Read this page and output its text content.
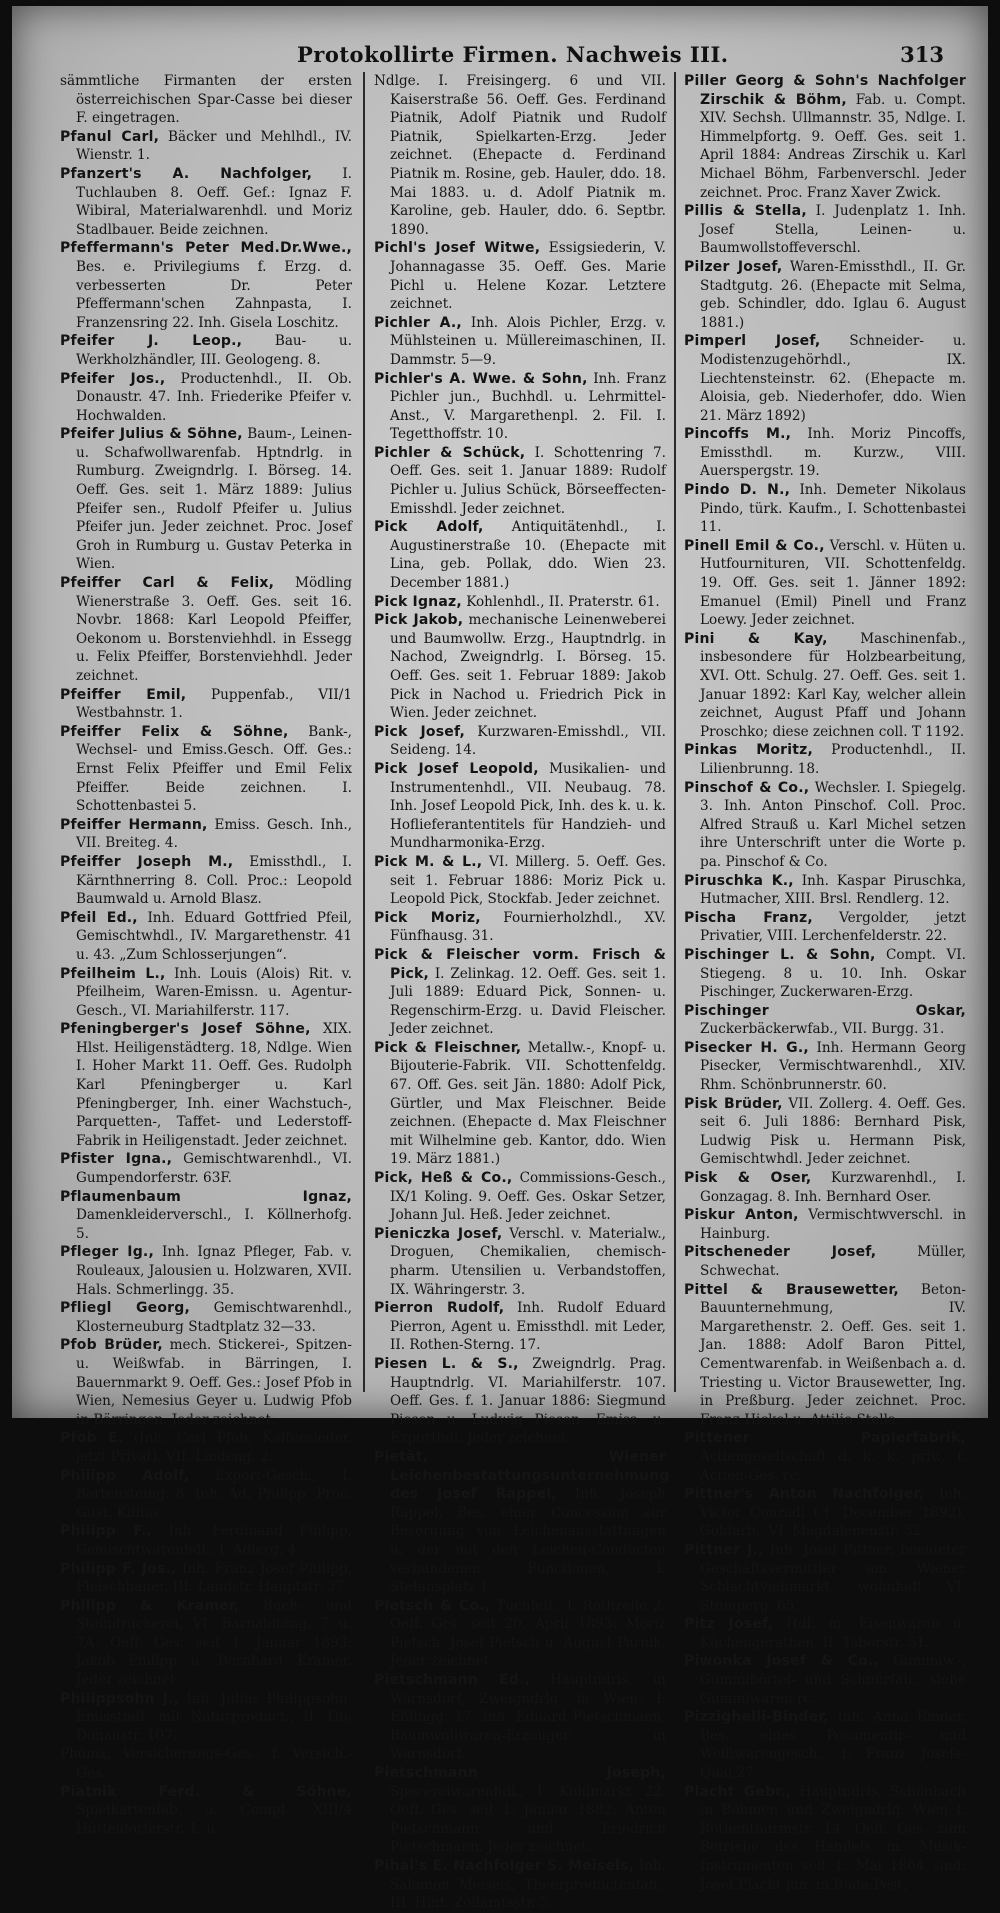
Protokollirte Firmen. Nachweis III.	313

sämmtliche Firmanten der ersten österreichischen Spar-Casse bei dieser F. eingetragen.

Pfanul Carl, Bäcker und Mehlhdl., IV. Wienstr. 1.

Pfanzert's A. Nachfolger, I. Tuchlauben 8. Oeff. Gef.: Ignaz F. Wibiral, Materialwarenhdl. und Moriz Stadlbauer. Beide zeichnen.

Pfeffermann's Peter Med.Dr.Wwe., Bes. e. Privilegiums f. Erzg. d. verbesserten Dr. Peter Pfeffermann'schen Zahnpasta, I. Franzensring 22. Inh. Gisela Loschitz.

Pfeifer J. Leop., Bau- u. Werkholzhändler, III. Geologeng. 8.

Pfeifer Jos., Productenhdl., II. Ob. Donaustr. 47. Inh. Friederike Pfeifer v. Hochwalden.

Pfeifer Julius & Söhne, Baum-, Leinen- u. Schafwollwarenfab. Hptndrlg. in Rumburg. Zweigndrlg. I. Börseg. 14. Oeff. Ges. seit 1. März 1889: Julius Pfeifer sen., Rudolf Pfeifer u. Julius Pfeifer jun. Jeder zeichnet. Proc. Josef Groh in Rumburg u. Gustav Peterka in Wien.

Pfeiffer Carl & Felix, Mödling Wienerstraße 3. Oeff. Ges. seit 16. Novbr. 1868: Karl Leopold Pfeiffer, Oekonom u. Borstenviehhdl. in Essegg u. Felix Pfeiffer, Borstenviehhdl. Jeder zeichnet.

Pfeiffer Emil, Puppenfab., VII/1 Westbahnstr. 1.

Pfeiffer Felix & Söhne, Bank-, Wechsel- und Emiss.Gesch. Off. Ges.: Ernst Felix Pfeiffer und Emil Felix Pfeiffer. Beide zeichnen. I. Schottenbastei 5.

Pfeiffer Hermann, Emiss. Gesch. Inh., VII. Breiteg. 4.

Pfeiffer Joseph M., Emissthdl., I. Kärnthnerring 8. Coll. Proc.: Leopold Baumwald u. Arnold Blasz.

Pfeil Ed., Inh. Eduard Gottfried Pfeil, Gemischtwhdl., IV. Margarethenstr. 41 u. 43. „Zum Schlosserjungen“.

Pfeilheim L., Inh. Louis (Alois) Rit. v. Pfeilheim, Waren-Emissn. u. Agentur-Gesch., VI. Mariahilferstr. 117.

Pfeningberger's Josef Söhne, XIX. Hlst. Heiligenstädterg. 18, Ndlge. Wien I. Hoher Markt 11. Oeff. Ges. Rudolph Karl Pfeningberger u. Karl Pfeningberger, Inh. einer Wachstuch-, Parquetten-, Taffet- und Lederstoff-Fabrik in Heiligenstadt. Jeder zeichnet.

Pfister Igna., Gemischtwarenhdl., VI. Gumpendorferstr. 63F.

Pflaumenbaum Ignaz, Damenkleiderverschl., I. Köllnerhofg. 5.

Pfleger Ig., Inh. Ignaz Pfleger, Fab. v. Rouleaux, Jalousien u. Holzwaren, XVII. Hals. Schmerlingg. 35.

Pfliegl Georg, Gemischtwarenhdl., Klosterneuburg Stadtplatz 32—33.

Pfob Brüder, mech. Stickerei-, Spitzen- u. Weißwfab. in Bärringen, I. Bauernmarkt 9. Oeff. Ges.: Josef Pfob in Wien, Nemesius Geyer u. Ludwig Pfob in Bärringen. Jeder zeichnet.

Pfob E. (Inh. Carl Pfob, Kaffeesieder. jetzt Privat), VII. Lindeng. 2.

Philipp Adolf, Export-Gesch., I. Bartensteing. 8. Inh. Ad. Philipp. Proc. Gust. Killius.

Philipp F., Inh. Ferdinand Philipp, Gemischtwarenhdl., I. Adlerg. 4.

Philipp F. Jos., Inh. Franz Josef Philipp, Fleischhauer, III. Landstr. Hauptstr. 37.

Philipp & Kramer, Buch- und Steindruckerei, VI. Barnabiteng. 7 u. 7A. Oeff. Ges. seit 1. Januar 1893: Jakob Philipp u. Bernhard Kramer. Jeder zeichnet.

Philippsohn J., Inh. Julius Philippsohn, Emissthdl. mit Naturproduct., II. Ob. Donaustr. 107.

Phönix, Versicherungs-Ges., f. Versich.-Ges.

Piatnik Ferd. & Söhne, Spielkartenfab. u. Compt. XIII/4 Hütteldorferstr. 1. u.

Ndlge. I. Freisingerg. 6 und VII. Kaiserstraße 56. Oeff. Ges. Ferdinand Piatnik, Adolf Piatnik und Rudolf Piatnik, Spielkarten-Erzg. Jeder zeichnet. (Ehepacte d. Ferdinand Piatnik m. Rosine, geb. Hauler, ddo. 18. Mai 1883. u. d. Adolf Piatnik m. Karoline, geb. Hauler, ddo. 6. Septbr. 1890.

Pichl's Josef Witwe, Essigsiederin, V. Johannagasse 35. Oeff. Ges. Marie Pichl u. Helene Kozar. Letztere zeichnet.

Pichler A., Inh. Alois Pichler, Erzg. v. Mühlsteinen u. Müllereimaschinen, II. Dammstr. 5—9.

Pichler's A. Wwe. & Sohn, Inh. Franz Pichler jun., Buchhdl. u. Lehrmittel-Anst., V. Margarethenpl. 2. Fil. I. Tegetthoffstr. 10.

Pichler & Schück, I. Schottenring 7. Oeff. Ges. seit 1. Januar 1889: Rudolf Pichler u. Julius Schück, Börseeffecten-Emisshdl. Jeder zeichnet.

Pick Adolf, Antiquitätenhdl., I. Augustinerstraße 10. (Ehepacte mit Lina, geb. Pollak, ddo. Wien 23. December 1881.)

Pick Ignaz, Kohlenhdl., II. Praterstr. 61.

Pick Jakob, mechanische Leinenweberei und Baumwollw. Erzg., Hauptndrlg. in Nachod, Zweigndrlg. I. Börseg. 15. Oeff. Ges. seit 1. Februar 1889: Jakob Pick in Nachod u. Friedrich Pick in Wien. Jeder zeichnet.

Pick Josef, Kurzwaren-Emisshdl., VII. Seideng. 14.

Pick Josef Leopold, Musikalien- und Instrumentenhdl., VII. Neubaug. 78. Inh. Josef Leopold Pick, Inh. des k. u. k. Hoflieferantentitels für Handzieh- und Mundharmonika-Erzg.

Pick M. & L., VI. Millerg. 5. Oeff. Ges. seit 1. Februar 1886: Moriz Pick u. Leopold Pick, Stockfab. Jeder zeichnet.

Pick Moriz, Fournierholzhdl., XV. Fünfhausg. 31.

Pick & Fleischer vorm. Frisch & Pick, I. Zelinkag. 12. Oeff. Ges. seit 1. Juli 1889: Eduard Pick, Sonnen- u. Regenschirm-Erzg. u. David Fleischer. Jeder zeichnet.

Pick & Fleischner, Metallw.-, Knopf- u. Bijouterie-Fabrik. VII. Schottenfeldg. 67. Off. Ges. seit Jän. 1880: Adolf Pick, Gürtler, und Max Fleischner. Beide zeichnen. (Ehepacte d. Max Fleischner mit Wilhelmine geb. Kantor, ddo. Wien 19. März 1881.)

Pick, Heß & Co., Commissions-Gesch., IX/1 Koling. 9. Oeff. Ges. Oskar Setzer, Johann Jul. Heß. Jeder zeichnet.

Pieniczka Josef, Verschl. v. Materialw., Droguen, Chemikalien, chemisch-pharm. Utensilien u. Verbandstoffen, IX. Währingerstr. 3.

Pierron Rudolf, Inh. Rudolf Eduard Pierron, Agent u. Emissthdl. mit Leder, II. Rothen-Sterng. 17.

Piesen L. & S., Zweigndrlg. Prag. Hauptndrlg. VI. Mariahilferstr. 107. Oeff. Ges. f. 1. Januar 1886: Siegmund Piesen u. Ludwig Piesen, Emiss. u. Exporthdl. Jeder zeichnet.

Pietät, Wiener Leichenbestattungsunternehmung des Josef Rappel, Inh. Joseph Rappel, Bes. einer Concession zur Besorgung von Leichenausstattungen u. der mit den Leichen-Conducten verbundenen Functionen, I. Stefansplatz 1.

Pietsch & Co., Tuchhdl., I. Rothzeile 2. Oeff. Ges. seit 20. April 1893: Moriz Pietsch, Josef Pietsch u. August Parnik. Jeder zeichnet.

Pietschmann Ed., Hauptndrls. in Warnsdorf, Zweigndrlg. in Wien, I. Eßlingg. 17. Inh. Eduard Pietschmann, Baumwollwaren-Erzeuger in Warnsdorf.

Pietschmann Joseph, Specereiwarenhdl., I. Kohlmarkt 22. Oeff. Ges. seit 1. Januar 1882: Anton Pietschmann und Friedrich Pietschmann. Jeder zeichnet.

Pihal's E. Nachfolger S. Meisels, Inh. Salomon Meisels, Theerproductenfab., III. Hint. Zollamtsstr. 5.

Piller Georg & Sohn's Nachfolger Zirschik & Böhm, Fab. u. Compt. XIV. Sechsh. Ullmannstr. 35, Ndlge. I. Himmelpfortg. 9. Oeff. Ges. seit 1. April 1884: Andreas Zirschik u. Karl Michael Böhm, Farbenverschl. Jeder zeichnet. Proc. Franz Xaver Zwick.

Pillis & Stella, I. Judenplatz 1. Inh. Josef Stella, Leinen- u. Baumwollstoffeverschl.

Pilzer Josef, Waren-Emissthdl., II. Gr. Stadtgutg. 26. (Ehepacte mit Selma, geb. Schindler, ddo. Iglau 6. August 1881.)

Pimperl Josef, Schneider- u. Modistenzugehörhdl., IX. Liechtensteinstr. 62. (Ehepacte m. Aloisia, geb. Niederhofer, ddo. Wien 21. März 1892)

Pincoffs M., Inh. Moriz Pincoffs, Emissthdl. m. Kurzw., VIII. Auerspergstr. 19.

Pindo D. N., Inh. Demeter Nikolaus Pindo, türk. Kaufm., I. Schottenbastei 11.

Pinell Emil & Co., Verschl. v. Hüten u. Hutfournituren, VII. Schottenfeldg. 19. Off. Ges. seit 1. Jänner 1892: Emanuel (Emil) Pinell und Franz Loewy. Jeder zeichnet.

Pini & Kay, Maschinenfab., insbesondere für Holzbearbeitung, XVI. Ott. Schulg. 27. Oeff. Ges. seit 1. Januar 1892: Karl Kay, welcher allein zeichnet, August Pfaff und Johann Proschko; diese zeichnen coll. T 1192.

Pinkas Moritz, Productenhdl., II. Lilienbrunng. 18.

Pinschof & Co., Wechsler. I. Spiegelg. 3. Inh. Anton Pinschof. Coll. Proc. Alfred Strauß u. Karl Michel setzen ihre Unterschrift unter die Worte p. pa. Pinschof & Co.

Piruschka K., Inh. Kaspar Piruschka, Hutmacher, XIII. Brsl. Rendlerg. 12.

Pischa Franz, Vergolder, jetzt Privatier, VIII. Lerchenfelderstr. 22.

Pischinger L. & Sohn, Compt. VI. Stiegeng. 8 u. 10. Inh. Oskar Pischinger, Zuckerwaren-Erzg.

Pischinger Oskar, Zuckerbäckerwfab., VII. Burgg. 31.

Pisecker H. G., Inh. Hermann Georg Pisecker, Vermischtwarenhdl., XIV. Rhm. Schönbrunnerstr. 60.

Pisk Brüder, VII. Zollerg. 4. Oeff. Ges. seit 6. Juli 1886: Bernhard Pisk, Ludwig Pisk u. Hermann Pisk, Gemischtwhdl. Jeder zeichnet.

Pisk & Oser, Kurzwarenhdl., I. Gonzagag. 8. Inh. Bernhard Oser.

Piskur Anton, Vermischtwverschl. in Hainburg.

Pitscheneder Josef,	Müller, Schwechat.

Pittel & Brausewetter, Beton-Bauunternehmung, IV. Margarethenstr. 2. Oeff. Ges. seit 1. Jan. 1888: Adolf Baron Pittel, Cementwarenfab. in Weißenbach a. d. Triesting u. Victor Brausewetter, Ing. in Preßburg. Jeder zeichnet. Proc. Franz Hickel u. Attilio Stella.

Pittener Papierfabrik, Actiengesellschaft d. k. k. priv., f. Actien-Ges. rc.

Pittner's Anton Nachfolger, Inh. Victor Conradi († December 1892), Goldarb., VI. Magdalenenstr. 32.

Pittner J., Inh. Josef Pittner, beeideter Geschäftsvermittler am Wiener Schlachtviehmarkt, wohnhaft VI. Stumperg. 65.

Pitz Josef, Hdl. m. Eisenwaren u. Küchengeräthen, II. Taborstr. 51.

Piwonka Josef & Co., Gummiw.-, Gummibörtel- und Schnürfab., siehe Gummiwaren rc.

Pizzighelli-Binder, Inh. Anna Binder, Bes. eines Posamentir- und Weißwarengesch., I. Franz Josefs-Quai 27.

Placht Gebr., Hauptndrls. Schönbach in Böhmen und Zweigndrlg. Wien I. Rothenthurmstr. 14. Oeff. Ges. zum Betriebe des Handels m. Musik-Instrumenten seit 1. Mai 1864 sind: Josef Placht jun. in Buda-Pest,
